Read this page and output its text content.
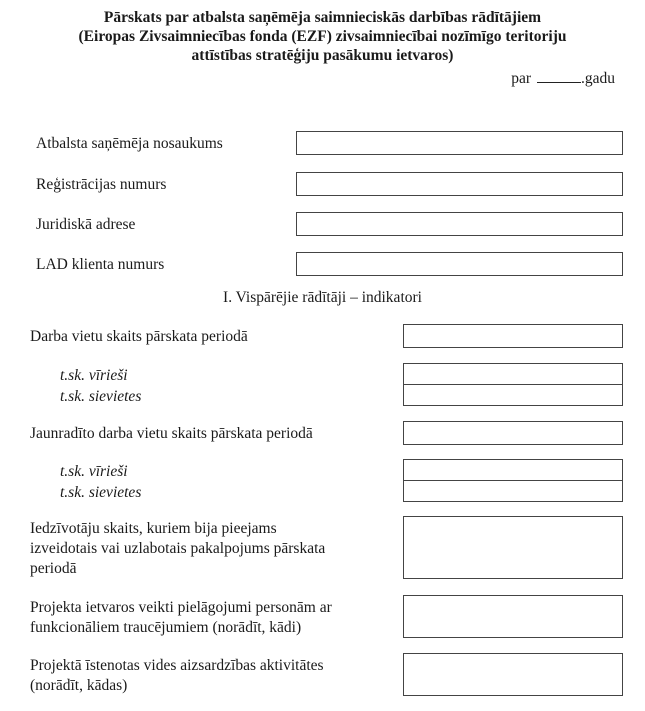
Pārskats par atbalsta saņēmēja saimnieciskās darbības rādītājiem
(Eiropas Zivsaimniecības fonda (EZF) zivsaimniecībai nozīmīgo teritoriju
attīstības stratēģiju pasākumu ietvaros)
par	.gadu
Atbalsta saņēmēja nosaukums
Reģistrācijas numurs
Juridiskā adrese
LAD klienta numurs
I. Vispārējie rādītāji – indikatori
Darba vietu skaits pārskata periodā
t.sk. vīrieši
t.sk. sievietes
Jaunradīto darba vietu skaits pārskata periodā
t.sk. vīrieši
t.sk. sievietes
Iedzīvotāju skaits, kuriem bija pieejams
izveidotais vai uzlabotais pakalpojums pārskata
periodā
Projekta ietvaros veikti pielāgojumi personām ar
funkcionāliem traucējumiem (norādīt, kādi)
Projektā īstenotas vides aizsardzības aktivitātes
(norādīt, kādas)
